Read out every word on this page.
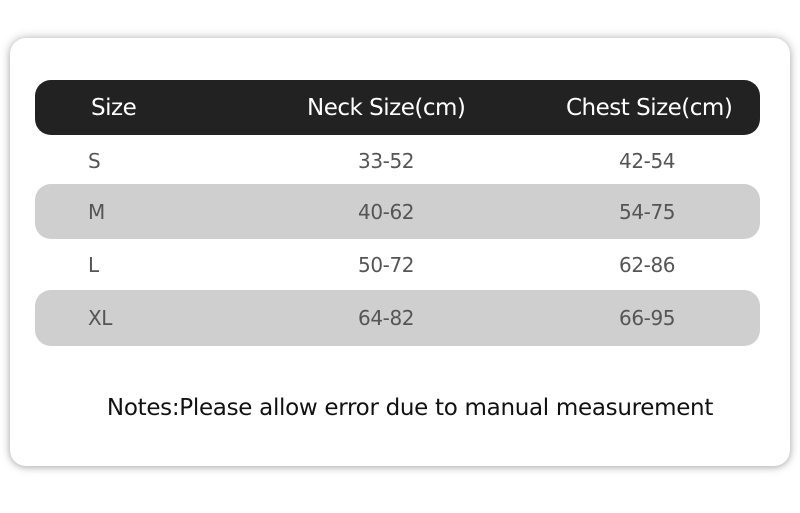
Size	Neck Size(cm)	Chest Size(cm)
S	33-52	42-54
M	40-62	54-75
L	50-72	62-86
XL	64-82	66-95
Notes:Please allow error due to manual measurement
